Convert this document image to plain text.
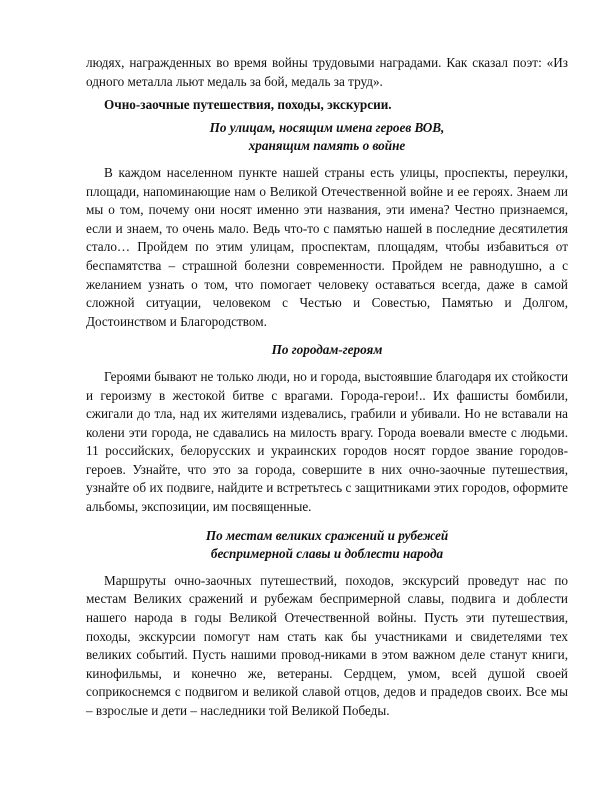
людях, награжденных во время войны трудовыми наградами. Как сказал поэт: «Из одного металла льют медаль за бой, медаль за труд».

Очно-заочные путешествия, походы, экскурсии.

По улицам, носящим имена героев ВОВ,

хранящим память о войне

В каждом населенном пункте нашей страны есть улицы, проспекты, переулки, площади, напоминающие нам о Великой Отечественной войне и ее героях. Знаем ли мы о том, почему они носят именно эти названия, эти имена? Честно признаемся, если и знаем, то очень мало. Ведь что-то с памятью нашей в последние десятилетия стало… Пройдем по этим улицам, проспектам, площадям, чтобы избавиться от беспамятства – страшной болезни современности. Пройдем не равнодушно, а с желанием узнать о том, что помогает человеку оставаться всегда, даже в самой сложной ситуации, человеком с Честью и Совестью, Памятью и Долгом, Достоинством и Благородством.

По городам-героям

Героями бывают не только люди, но и города, выстоявшие благодаря их стойкости и героизму в жестокой битве с врагами. Города-герои!.. Их фашисты бомбили, сжигали до тла, над их жителями издевались, грабили и убивали. Но не вставали на колени эти города, не сдавались на милость врагу. Города воевали вместе с людьми. 11 российских, белорусских и украинских городов носят гордое звание городов-героев. Узнайте, что это за города, совершите в них очно-заочные путешествия, узнайте об их подвиге, найдите и встретьтесь с защитниками этих городов, оформите альбомы, экспозиции, им посвященные.

По местам великих сражений и рубежей

беспримерной славы и доблести народа

Маршруты очно-заочных путешествий, походов, экскурсий проведут нас по местам Великих сражений и рубежам беспримерной славы, подвига и доблести нашего народа в годы Великой Отечественной войны. Пусть эти путешествия, походы, экскурсии помогут нам стать как бы участниками и свидетелями тех великих событий. Пусть нашими провод-никами в этом важном деле станут книги, кинофильмы, и конечно же, ветераны. Сердцем, умом, всей душой своей соприкоснемся с подвигом и великой славой отцов, дедов и прадедов своих. Все мы – взрослые и дети – наследники той Великой Победы.
